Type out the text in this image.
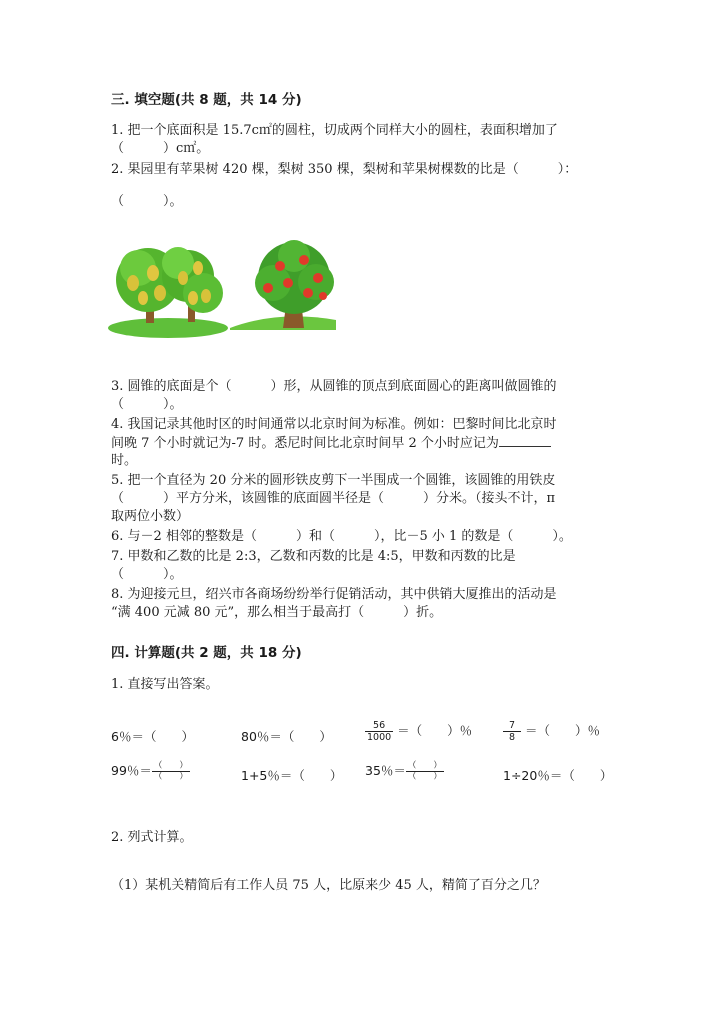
三. 填空题(共 8 题，共 14 分)
1. 把一个底面积是 15.7c㎡的圆柱，切成两个同样大小的圆柱，表面积增加了
（　　　）c㎡。
2. 果园里有苹果树 420 棵，梨树 350 棵，梨树和苹果树棵数的比是（　　　）：
（　　　）。
3. 圆锥的底面是个（　　　）形，从圆锥的顶点到底面圆心的距离叫做圆锥的
（　　　）。
4. 我国记录其他时区的时间通常以北京时间为标准。例如：巴黎时间比北京时
间晚 7 个小时就记为-7 时。悉尼时间比北京时间早 2 个小时应记为
时。
5. 把一个直径为 20 分米的圆形铁皮剪下一半围成一个圆锥，该圆锥的用铁皮
（　　　）平方分米，该圆锥的底面圆半径是（　　　）分米。（接头不计，π
取两位小数）
6. 与－2 相邻的整数是（　　　）和（　　　），比－5 小 1 的数是（　　　）。
7. 甲数和乙数的比是 2:3，乙数和丙数的比是 4:5，甲数和丙数的比是
（　　　）。
8. 为迎接元旦，绍兴市各商场纷纷举行促销活动，其中供销大厦推出的活动是
“满 400 元减 80 元”，那么相当于最高打（　　　）折。
四. 计算题(共 2 题，共 18 分)
1. 直接写出答案。
6％＝（　　）	80％＝（　　）	$\frac{56}{1000}$ ＝（　　）％	$\frac{7}{8}$ ＝（　　）％
99％＝ $\frac{( )}{( )}$	1+5％＝（　　） 35％＝ $\frac{( )}{( )}$	1÷20％＝（　　）
2. 列式计算。
（1）某机关精简后有工作人员 75 人，比原来少 45 人，精简了百分之几？
